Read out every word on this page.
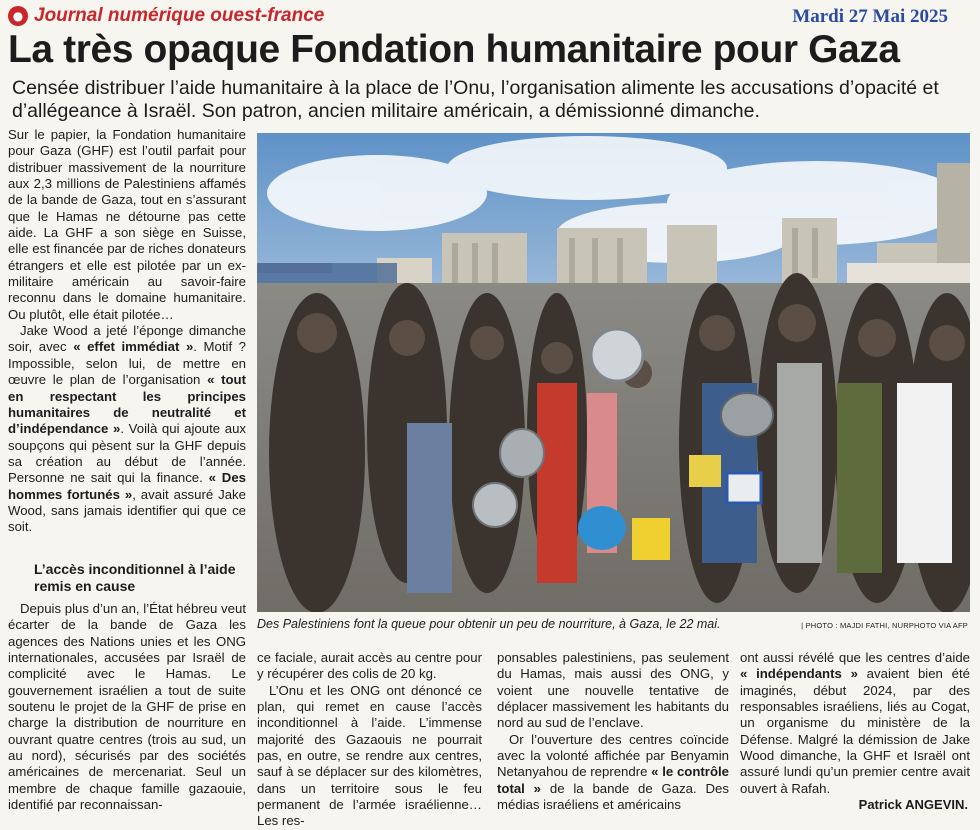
● Journal numérique ouest-france	Mardi 27 Mai 2025
La très opaque Fondation humanitaire pour Gaza

Censée distribuer l’aide humanitaire à la place de l’Onu, l’organisation alimente les accusations d’opacité et d’allégeance à Israël. Son patron, ancien militaire américain, a démissionné dimanche.

Sur le papier, la Fondation humanitaire pour Gaza (GHF) est l’outil parfait pour distribuer massivement de la nourriture aux 2,3 millions de Palestiniens affamés de la bande de Gaza, tout en s’assurant que le Hamas ne détourne pas cette aide. La GHF a son siège en Suisse, elle est financée par de riches donateurs étrangers et elle est pilotée par un ex-militaire américain au savoir-faire reconnu dans le domaine humanitaire. Ou plutôt, elle était pilotée…

Jake Wood a jeté l’éponge dimanche soir, avec « effet immédiat ». Motif ? Impossible, selon lui, de mettre en œuvre le plan de l’organisation « tout en respectant les principes humanitaires de neutralité et d’indépendance ». Voilà qui ajoute aux soupçons qui pèsent sur la GHF depuis sa création au début de l’année. Personne ne sait qui la finance. « Des hommes fortunés », avait assuré Jake Wood, sans jamais identifier qui que ce soit.

L’accès inconditionnel à l’aide remis en cause

Depuis plus d’un an, l’État hébreu veut écarter de la bande de Gaza les agences des Nations unies et les ONG internationales, accusées par Israël de complicité avec le Hamas. Le gouvernement israélien a tout de suite soutenu le projet de la GHF de prise en charge la distribution de nourriture en ouvrant quatre centres (trois au sud, un au nord), sécurisés par des sociétés américaines de mercenariat. Seul un membre de chaque famille gazaouie, identifié par reconnaissan-

Des Palestiniens font la queue pour obtenir un peu de nourriture, à Gaza, le 22 mai.	| PHOTO : MAJDI FATHI, NURPHOTO VIA AFP

ce faciale, aurait accès au centre pour y récupérer des colis de 20 kg.

L’Onu et les ONG ont dénoncé ce plan, qui remet en cause l’accès inconditionnel à l’aide. L’immense majorité des Gazaouis ne pourrait pas, en outre, se rendre aux centres, sauf à se déplacer sur des kilomètres, dans un territoire sous le feu permanent de l’armée israélienne… Les res-

ponsables palestiniens, pas seulement du Hamas, mais aussi des ONG, y voient une nouvelle tentative de déplacer massivement les habitants du nord au sud de l’enclave.

Or l’ouverture des centres coïncide avec la volonté affichée par Benyamin Netanyahou de reprendre « le contrôle total » de la bande de Gaza. Des médias israéliens et américains

ont aussi révélé que les centres d’aide « indépendants » avaient bien été imaginés, début 2024, par des responsables israéliens, liés au Cogat, un organisme du ministère de la Défense. Malgré la démission de Jake Wood dimanche, la GHF et Israël ont assuré lundi qu’un premier centre avait ouvert à Rafah.

Patrick ANGEVIN.
